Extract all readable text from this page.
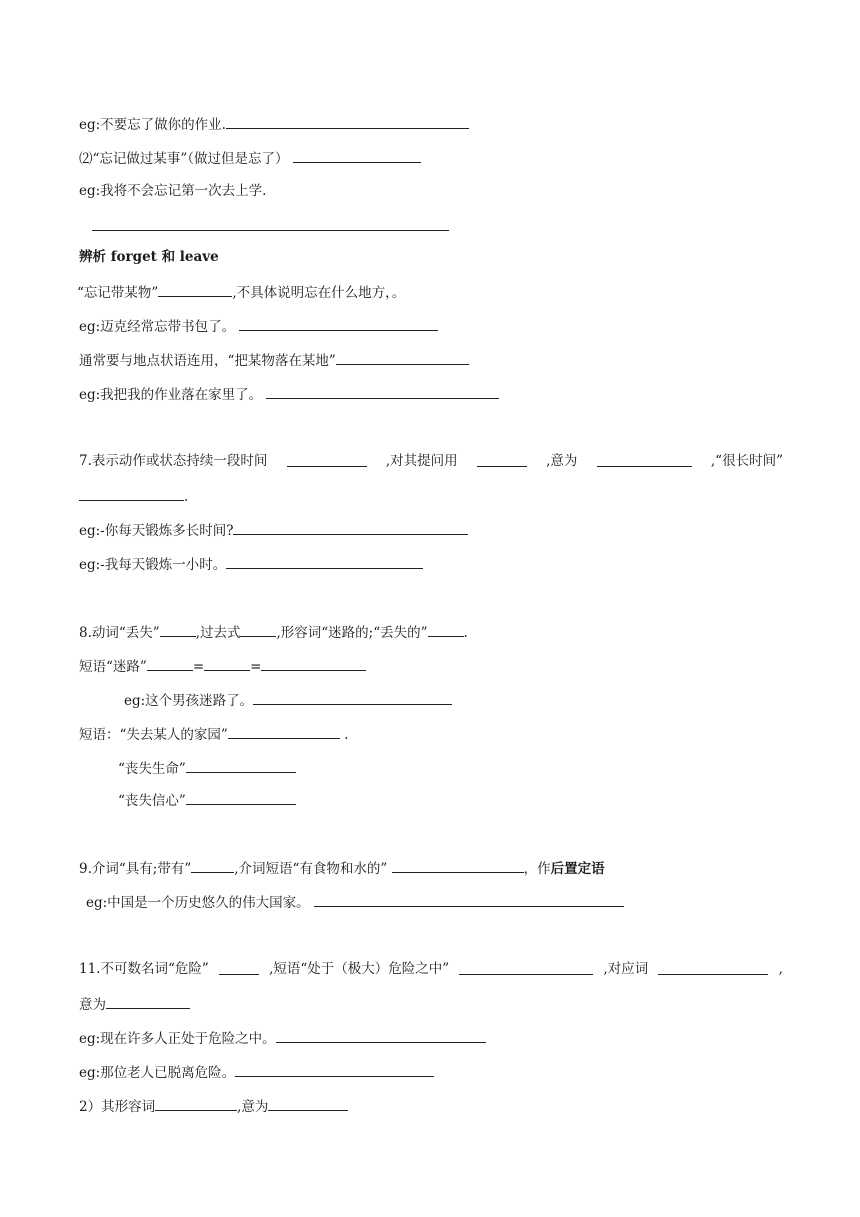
eg:不要忘了做你的作业.
⑵“忘记做过某事”（做过但是忘了）
eg:我将不会忘记第一次去上学.
辨析 forget 和 leave
“忘记带某物”	,不具体说明忘在什么地方，。
eg:迈克经常忘带书包了。
通常要与地点状语连用，“把某物落在某地”
eg:我把我的作业落在家里了。
7.表示动作或状态持续一段时间	,对其提问用	,意为	,“很长时间”
.
eg:-你每天锻炼多长时间?
eg:-我每天锻炼一小时。
8.动词“丢失”	,过去式	,形容词“迷路的;“丢失的”	.
短语“迷路”	=	=
eg:这个男孩迷路了。
短语：“失去某人的家园”	.
“丧失生命”
“丧失信心”
9.介词“具有;带有”	,介词短语“有食物和水的”	，作后置定语
eg:中国是一个历史悠久的伟大国家。
11.不可数名词“危险”	,短语“处于（极大）危险之中”	,对应词	,
意为
eg:现在许多人正处于危险之中。
eg:那位老人已脱离危险。
2）其形容词	,意为
